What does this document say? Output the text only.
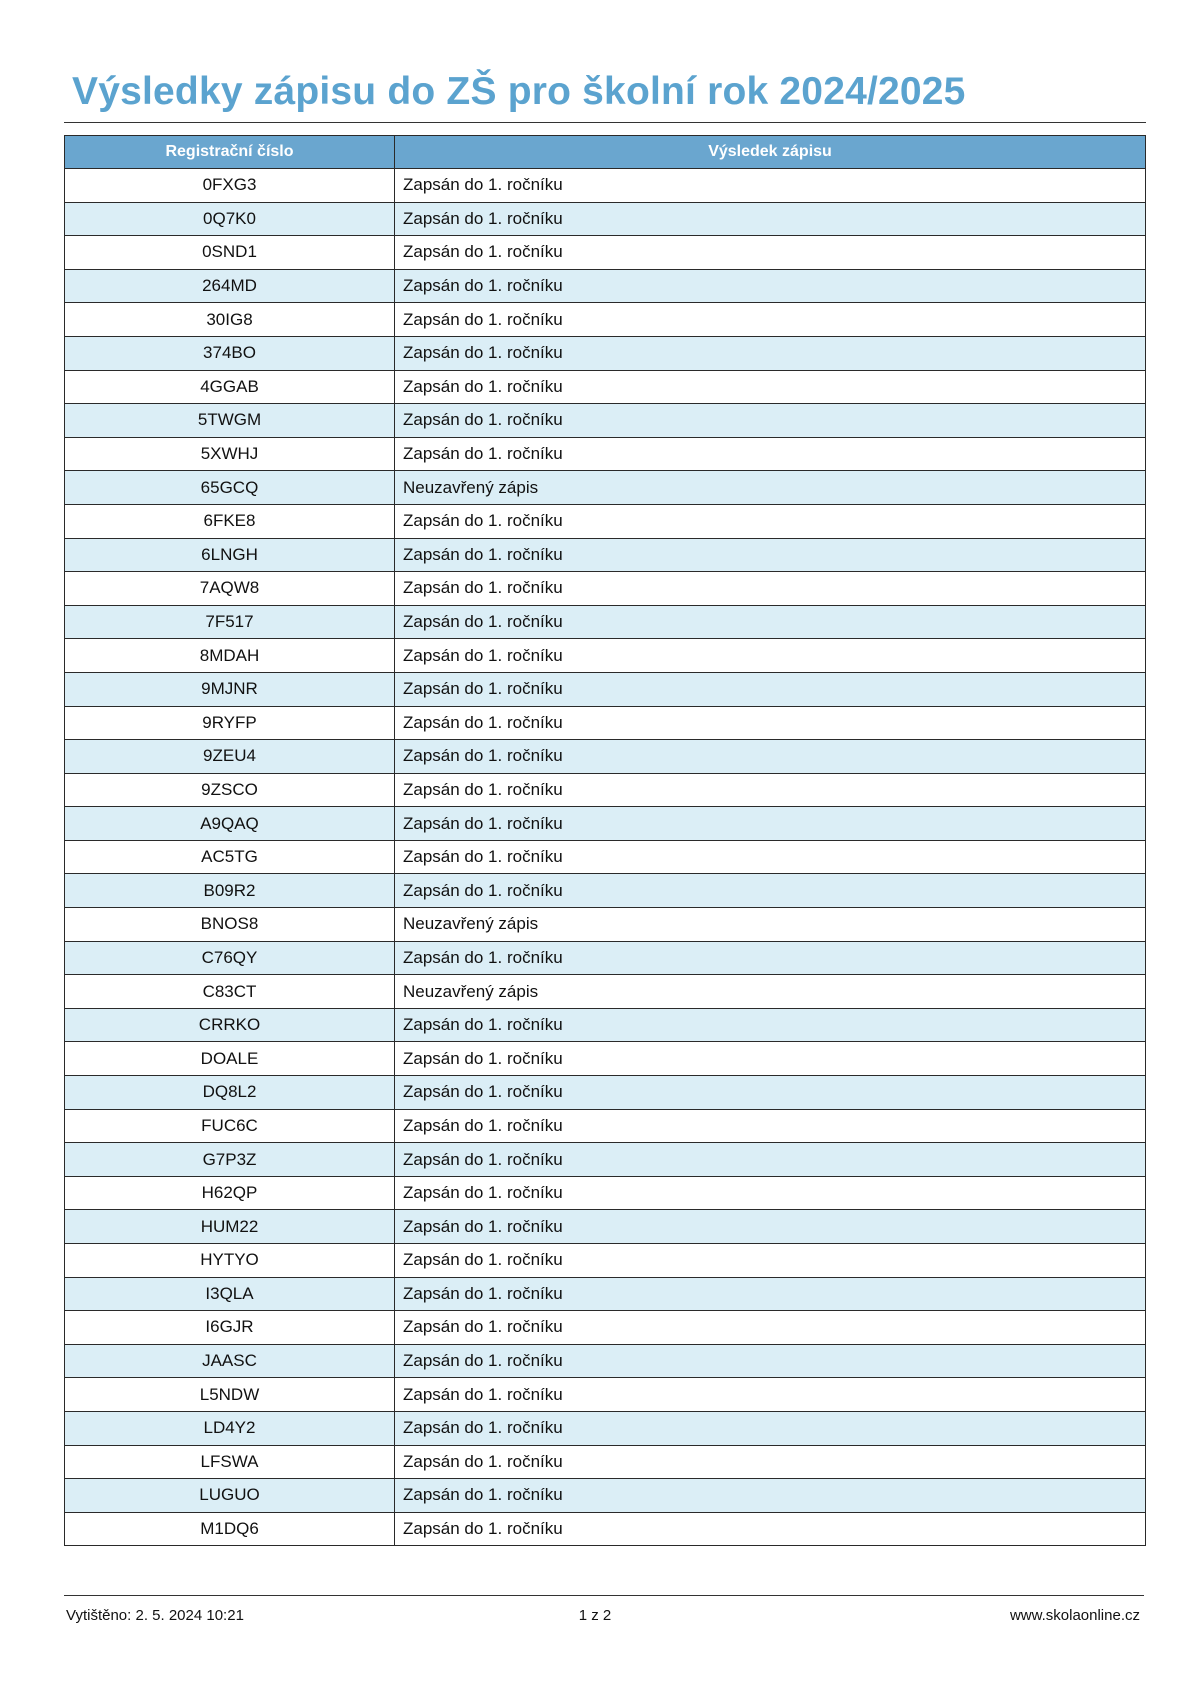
Výsledky zápisu do ZŠ pro školní rok 2024/2025
Registrační číslo	Výsledek zápisu
0FXG3	Zapsán do 1. ročníku
0Q7K0	Zapsán do 1. ročníku
0SND1	Zapsán do 1. ročníku
264MD	Zapsán do 1. ročníku
30IG8	Zapsán do 1. ročníku
374BO	Zapsán do 1. ročníku
4GGAB	Zapsán do 1. ročníku
5TWGM	Zapsán do 1. ročníku
5XWHJ	Zapsán do 1. ročníku
65GCQ	Neuzavřený zápis
6FKE8	Zapsán do 1. ročníku
6LNGH	Zapsán do 1. ročníku
7AQW8	Zapsán do 1. ročníku
7F517	Zapsán do 1. ročníku
8MDAH	Zapsán do 1. ročníku
9MJNR	Zapsán do 1. ročníku
9RYFP	Zapsán do 1. ročníku
9ZEU4	Zapsán do 1. ročníku
9ZSCO	Zapsán do 1. ročníku
A9QAQ	Zapsán do 1. ročníku
AC5TG	Zapsán do 1. ročníku
B09R2	Zapsán do 1. ročníku
BNOS8	Neuzavřený zápis
C76QY	Zapsán do 1. ročníku
C83CT	Neuzavřený zápis
CRRKO	Zapsán do 1. ročníku
DOALE	Zapsán do 1. ročníku
DQ8L2	Zapsán do 1. ročníku
FUC6C	Zapsán do 1. ročníku
G7P3Z	Zapsán do 1. ročníku
H62QP	Zapsán do 1. ročníku
HUM22	Zapsán do 1. ročníku
HYTYO	Zapsán do 1. ročníku
I3QLA	Zapsán do 1. ročníku
I6GJR	Zapsán do 1. ročníku
JAASC	Zapsán do 1. ročníku
L5NDW	Zapsán do 1. ročníku
LD4Y2	Zapsán do 1. ročníku
LFSWA	Zapsán do 1. ročníku
LUGUO	Zapsán do 1. ročníku
M1DQ6	Zapsán do 1. ročníku
Vytištěno: 2. 5. 2024 10:21	1 z 2	www.skolaonline.cz
